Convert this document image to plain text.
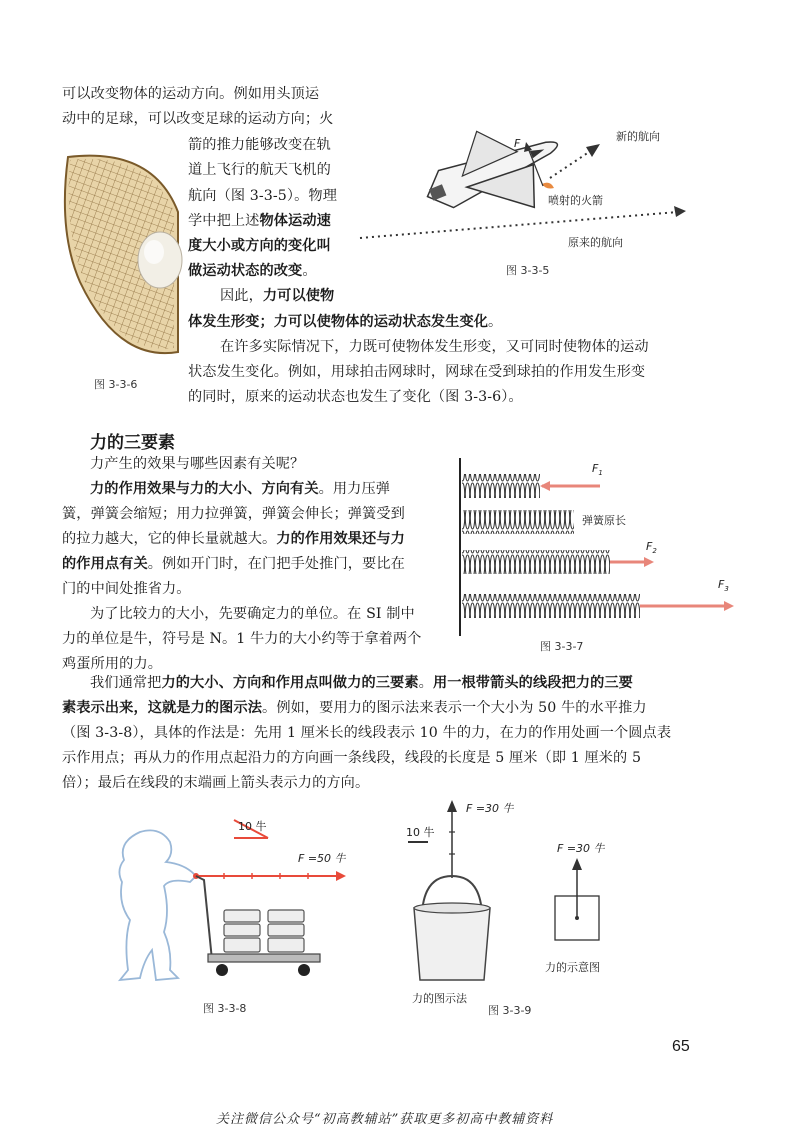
可以改变物体的运动方向。例如用头顶运
动中的足球，可以改变足球的运动方向；火
箭的推力能够改变在轨
道上飞行的航天飞机的
航向（图 3-3-5）。物理
学中把上述物体运动速
度大小或方向的变化叫
做运动状态的改变。
因此，力可以使物
体发生形变；力可以使物体的运动状态发生变化。
在许多实际情况下，力既可使物体发生形变，又可同时使物体的运动
状态发生变化。例如，用球拍击网球时，网球在受到球拍的作用发生形变
的同时，原来的运动状态也发生了变化（图 3-3-6）。
图 3-3-6
F
新的航向
喷射的火箭
原来的航向
图 3-3-5
力的三要素
力产生的效果与哪些因素有关呢？
力的作用效果与力的大小、方向有关。用力压弹
簧，弹簧会缩短；用力拉弹簧，弹簧会伸长；弹簧受到
的拉力越大，它的伸长量就越大。力的作用效果还与力
的作用点有关。例如开门时，在门把手处推门，要比在
门的中间处推省力。
为了比较力的大小，先要确定力的单位。在 SI 制中
力的单位是牛，符号是 N。1 牛力的大小约等于拿着两个
鸡蛋所用的力。
$F_1$
弹簧原长
$F_2$
$F_3$
图 3-3-7
我们通常把力的大小、方向和作用点叫做力的三要素。用一根带箭头的线段把力的三要
素表示出来，这就是力的图示法。例如，要用力的图示法来表示一个大小为 50 牛的水平推力
（图 3-3-8），具体的作法是：先用 1 厘米长的线段表示 10 牛的力，在力的作用处画一个圆点表
示作用点；再从力的作用点起沿力的方向画一条线段，线段的长度是 5 厘米（即 1 厘米的 5
倍）；最后在线段的末端画上箭头表示力的方向。
10 牛
F =50 牛
图 3-3-8
F =30 牛
10 牛
F =30 牛
力的示意图
力的图示法
图 3-3-9
65
关注微信公众号“初高教辅站”获取更多初高中教辅资料
